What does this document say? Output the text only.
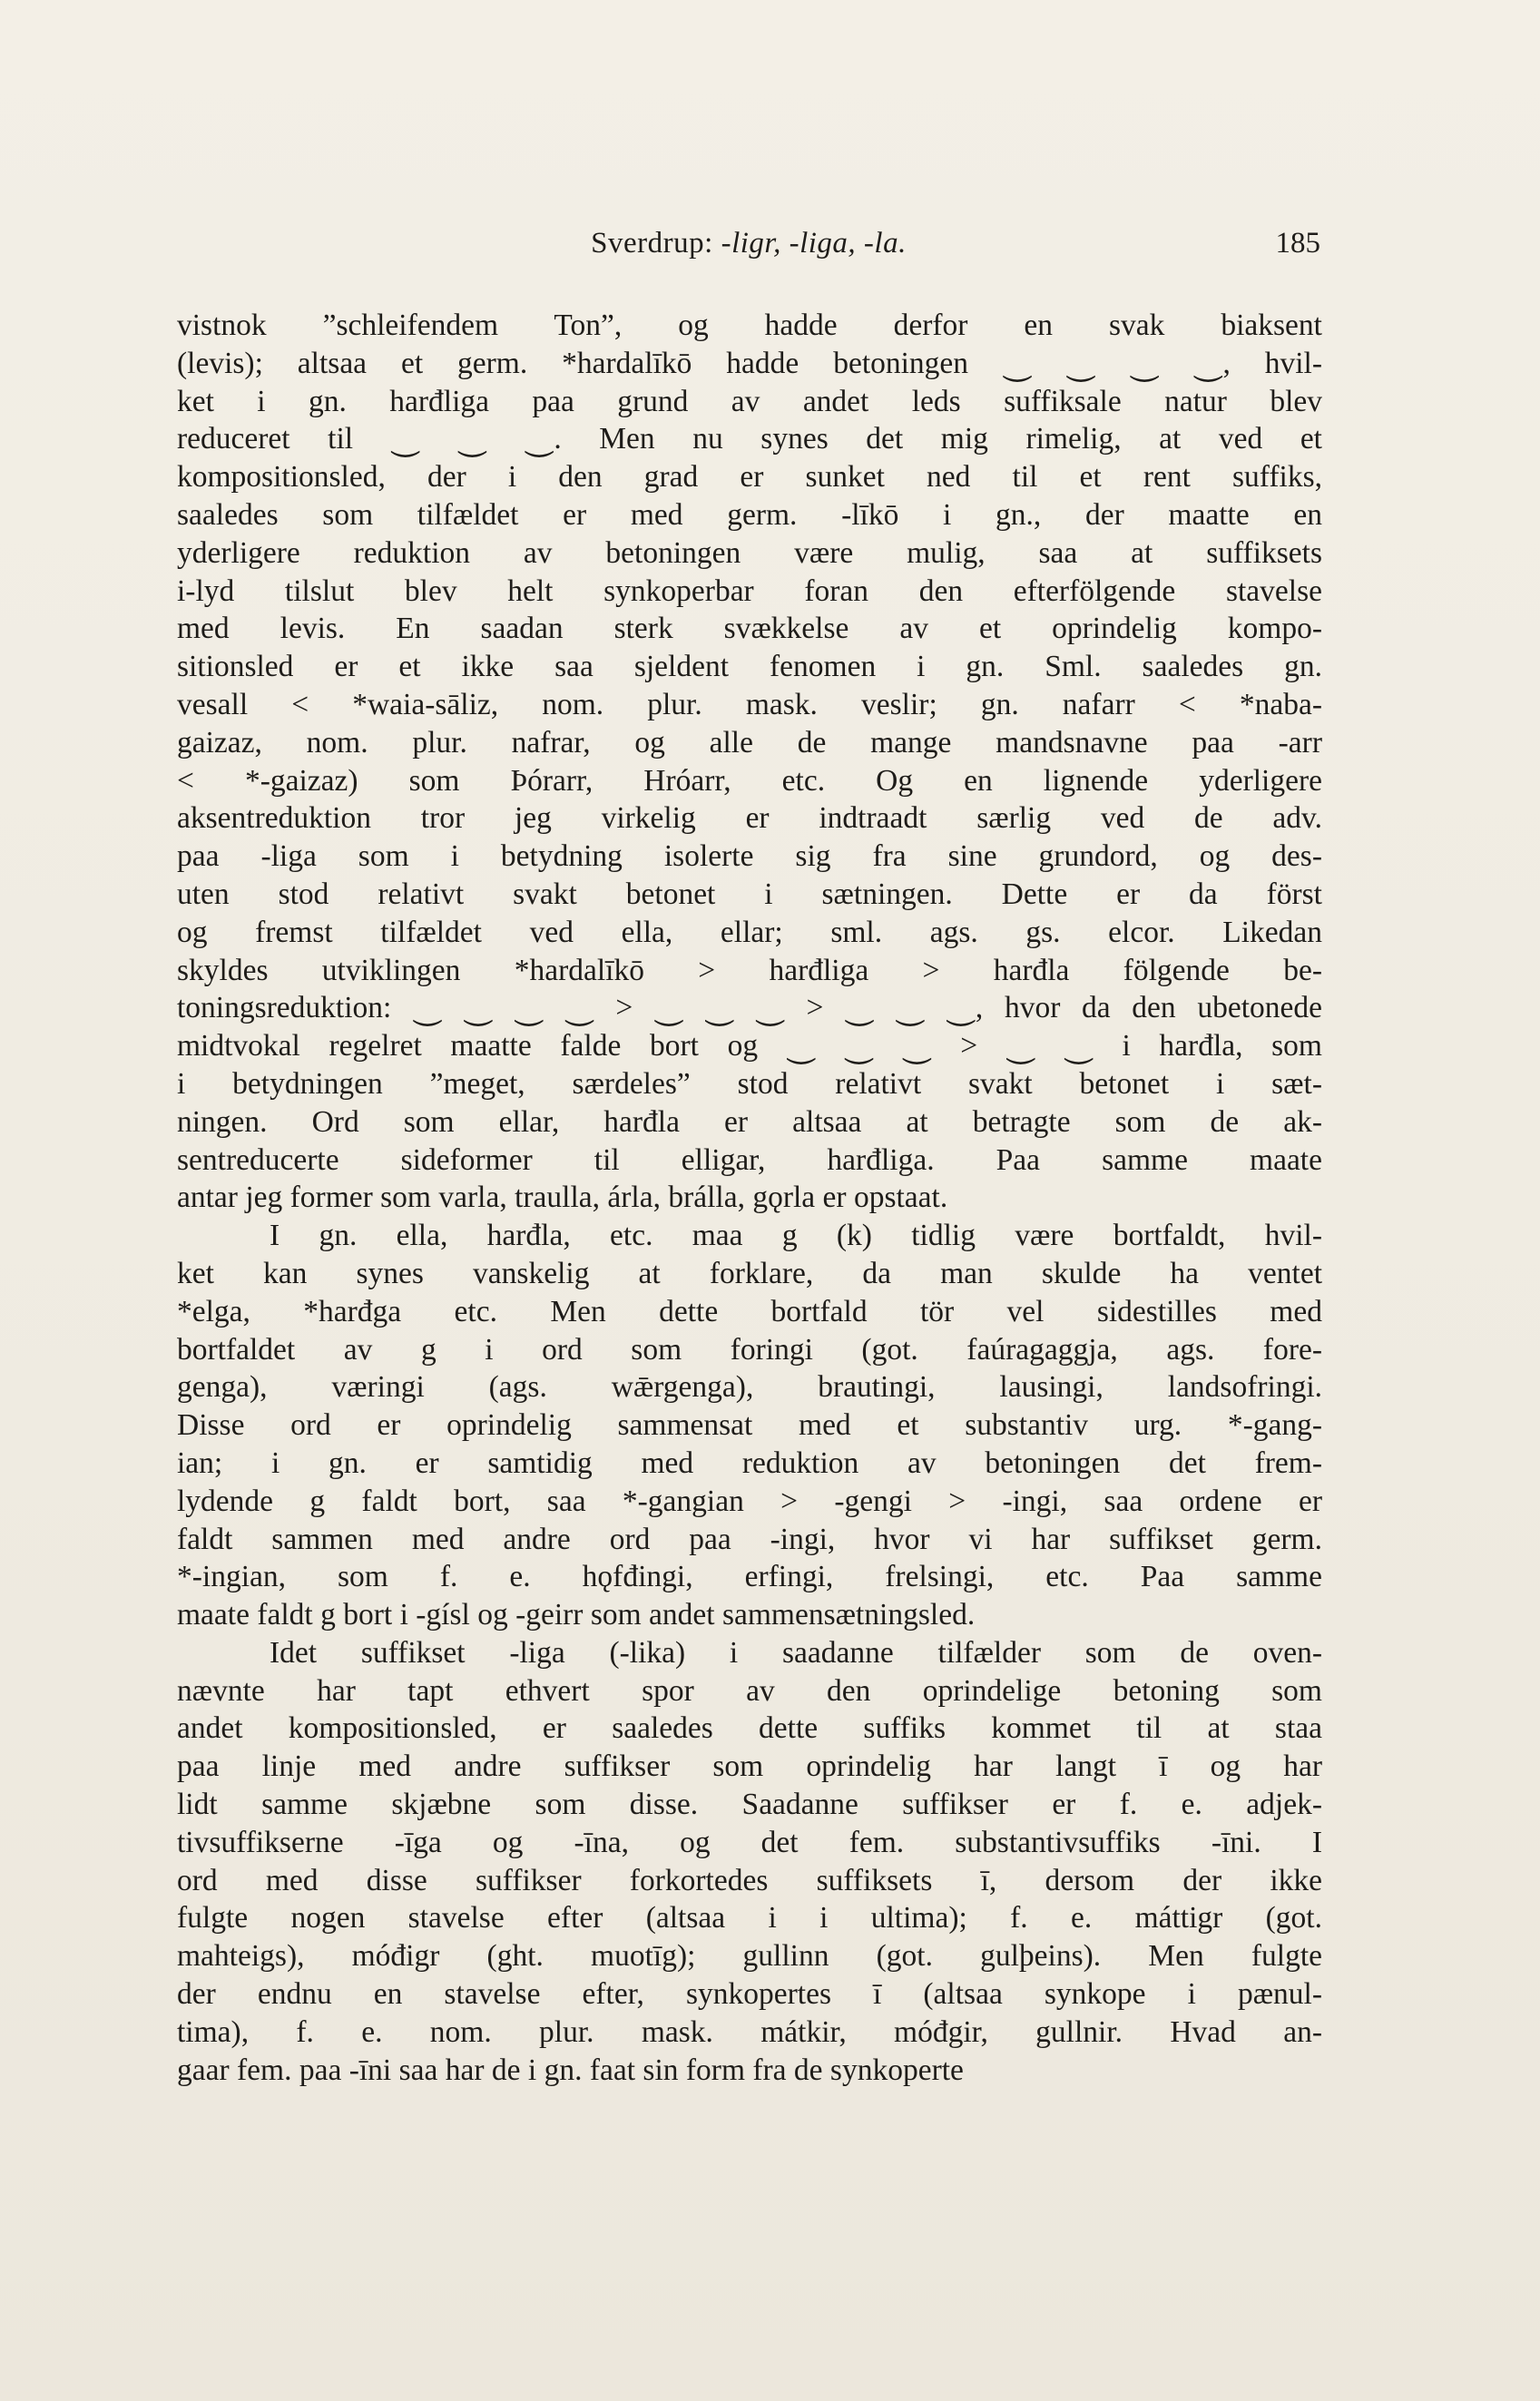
Sverdrup: -ligr, -liga, -la.	185
vistnok ”schleifendem Ton”, og hadde derfor en svak biaksent
(levis); altsaa et germ. *hardalīkō hadde betoningen ⏝ ⏝ ⏝ ⏝, hvil-
ket i gn. harđliga paa grund av andet leds suffiksale natur blev
reduceret til ⏝ ⏝ ⏝. Men nu synes det mig rimelig, at ved et
kompositionsled, der i den grad er sunket ned til et rent suffiks,
saaledes som tilfældet er med germ. -līkō i gn., der maatte en
yderligere reduktion av betoningen være mulig, saa at suffiksets
i-lyd tilslut blev helt synkoperbar foran den efterfölgende stavelse
med levis. En saadan sterk svækkelse av et oprindelig kompo-
sitionsled er et ikke saa sjeldent fenomen i gn. Sml. saaledes gn.
vesall < *waia-sāliz, nom. plur. mask. veslir; gn. nafarr < *naba-
gaizaz, nom. plur. nafrar, og alle de mange mandsnavne paa -arr
< *-gaizaz) som Þórarr, Hróarr, etc. Og en lignende yderligere
aksentreduktion tror jeg virkelig er indtraadt særlig ved de adv.
paa -liga som i betydning isolerte sig fra sine grundord, og des-
uten stod relativt svakt betonet i sætningen. Dette er da först
og fremst tilfældet ved ella, ellar; sml. ags. gs. elcor. Likedan
skyldes utviklingen *hardalīkō > harđliga > harđla fölgende be-
toningsreduktion: ⏝ ⏝ ⏝ ⏝ > ⏝ ⏝ ⏝ > ⏝ ⏝ ⏝, hvor da den ubetonede
midtvokal regelret maatte falde bort og ⏝ ⏝ ⏝ > ⏝ ⏝ i harđla, som
i betydningen ”meget, særdeles” stod relativt svakt betonet i sæt-
ningen. Ord som ellar, harđla er altsaa at betragte som de ak-
sentreducerte sideformer til elligar, harđliga. Paa samme maate
antar jeg former som varla, traulla, árla, brálla, gǫrla er opstaat.
I gn. ella, harđla, etc. maa g (k) tidlig være bortfaldt, hvil-
ket kan synes vanskelig at forklare, da man skulde ha ventet
*elga, *harđga etc. Men dette bortfald tör vel sidestilles med
bortfaldet av g i ord som foringi (got. faúragaggja, ags. fore-
genga), væringi (ags. wǣrgenga), brautingi, lausingi, landsofringi.
Disse ord er oprindelig sammensat med et substantiv urg. *-gang-
ian; i gn. er samtidig med reduktion av betoningen det frem-
lydende g faldt bort, saa *-gangian > -gengi > -ingi, saa ordene er
faldt sammen med andre ord paa -ingi, hvor vi har suffikset germ.
*-ingian, som f. e. hǫfđingi, erfingi, frelsingi, etc. Paa samme
maate faldt g bort i -gísl og -geirr som andet sammensætningsled.
Idet suffikset -liga (-lika) i saadanne tilfælder som de oven-
nævnte har tapt ethvert spor av den oprindelige betoning som
andet kompositionsled, er saaledes dette suffiks kommet til at staa
paa linje med andre suffikser som oprindelig har langt ī og har
lidt samme skjæbne som disse. Saadanne suffikser er f. e. adjek-
tivsuffikserne -īga og -īna, og det fem. substantivsuffiks -īni. I
ord med disse suffikser forkortedes suffiksets ī, dersom der ikke
fulgte nogen stavelse efter (altsaa i i ultima); f. e. máttigr (got.
mahteigs), móđigr (ght. muotīg); gullinn (got. gulþeins). Men fulgte
der endnu en stavelse efter, synkopertes ī (altsaa synkope i pænul-
tima), f. e. nom. plur. mask. mátkir, móđgir, gullnir. Hvad an-
gaar fem. paa -īni saa har de i gn. faat sin form fra de synkoperte
